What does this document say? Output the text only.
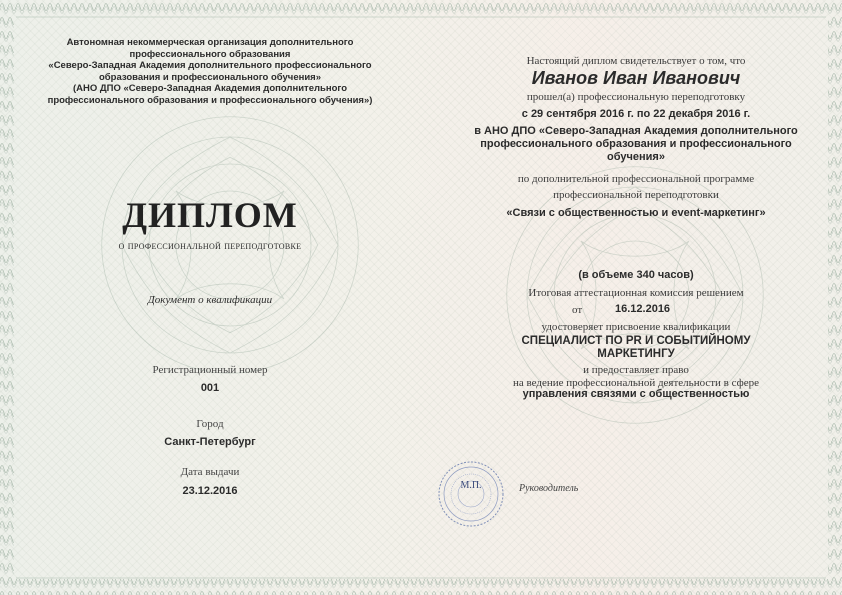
Автономная некоммерческая организация дополнительного
профессионального образования
«Северо-Западная Академия дополнительного профессионального
образования и профессионального обучения»
(АНО ДПО «Северо-Западная Академия дополнительного
профессионального образования и профессионального обучения»)
ДИПЛОМ
о профессиональной переподготовке
Документ о квалификации
Регистрационный номер
001
Город
Санкт-Петербург
Дата выдачи
23.12.2016
Настоящий диплом свидетельствует о том, что
Иванов Иван Иванович
прошел(а) профессиональную переподготовку
с 29 сентября 2016 г. по 22 декабря 2016 г.
в АНО ДПО «Северо-Западная Академия дополнительного
профессионального образования и профессионального
обучения»
по дополнительной профессиональной программе
профессиональной переподготовки
«Связи с общественностью и event-маркетинг»
(в объеме 340 часов)
Итоговая аттестационная комиссия решением
от	16.12.2016
удостоверяет присвоение квалификации
СПЕЦИАЛИСТ ПО PR И СОБЫТИЙНОМУ
МАРКЕТИНГУ
и предоставляет право
на ведение профессиональной деятельности в сфере
управления связями с общественностью
М.П.	Руководитель
